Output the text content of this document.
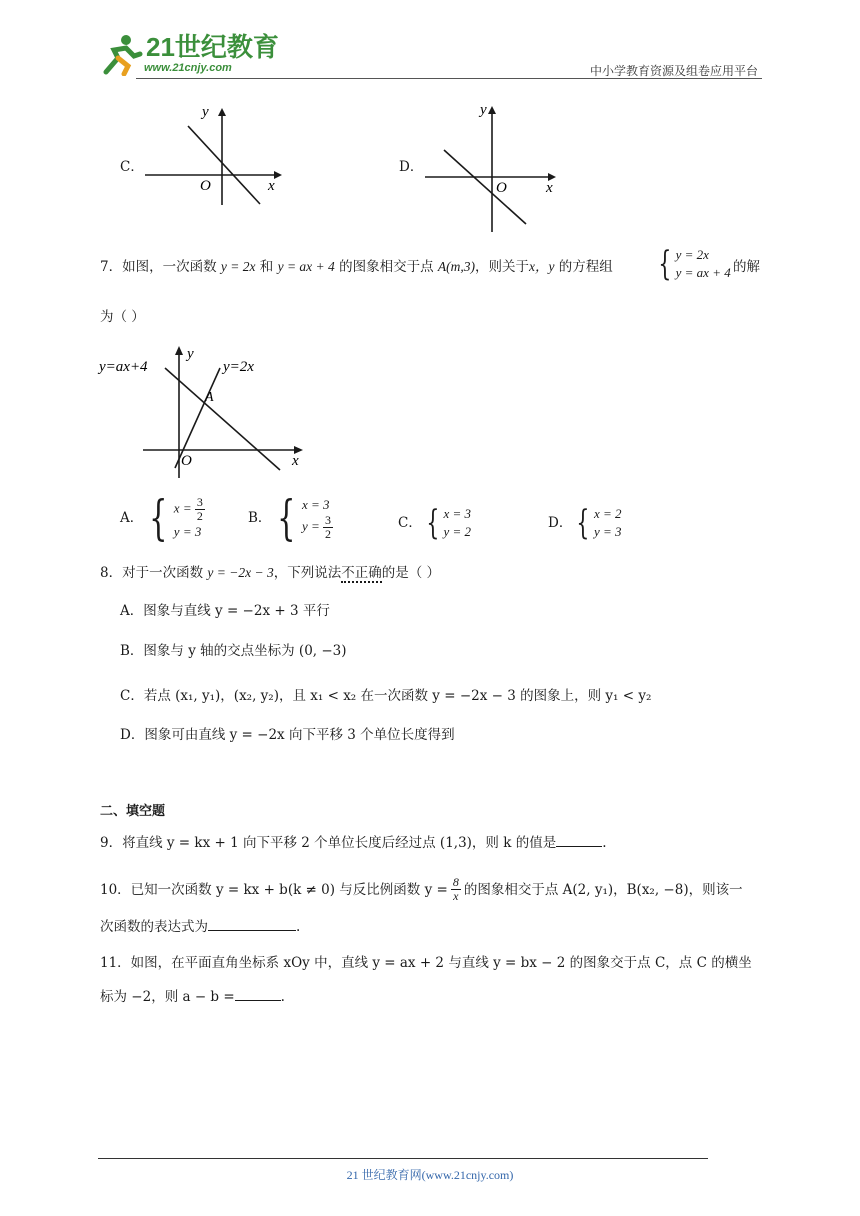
21世纪教育
www.21cnjy.com	中小学教育资源及组卷应用平台
C．
y
x
O
D．
y
x
O
7．如图，一次函数 y = 2x 和 y = ax + 4 的图象相交于点 A(m,3)，则关于x，y 的方程组 { y = 2x
y = ax + 4 的解
为（ ）
y=ax+4	y=2x
y
A
x
O
A． { $x = \frac{3}{2}$
y = 3
B． { x = 3
$y = \frac{3}{2}$	C． { x = 3
y = 2
D． { x = 2
y = 3
8．对于一次函数 y = −2x − 3，下列说法不正确的是（ ）
A．图象与直线 y = −2x + 3 平行
B．图象与 y 轴的交点坐标为 (0, −3)
C．若点 (x₁, y₁)，(x₂, y₂)，且 x₁ < x₂ 在一次函数 y = −2x − 3 的图象上，则 y₁ < y₂
D．图象可由直线 y = −2x 向下平移 3 个单位长度得到
二、填空题
9．将直线 y = kx + 1 向下平移 2 个单位长度后经过点 (1,3)，则 k 的值是	.
10．已知一次函数 y = kx + b(k ≠ 0) 与反比例函数 $y = \frac{8}{x}$ 的图象相交于点 A(2, y₁)，B(x₂, −8)，则该一
次函数的表达式为	.
11．如图，在平面直角坐标系 xOy 中，直线 y = ax + 2 与直线 y = bx − 2 的图象交于点 C，点 C 的横坐
标为 −2，则 a − b =	.
21 世纪教育网(www.21cnjy.com)
